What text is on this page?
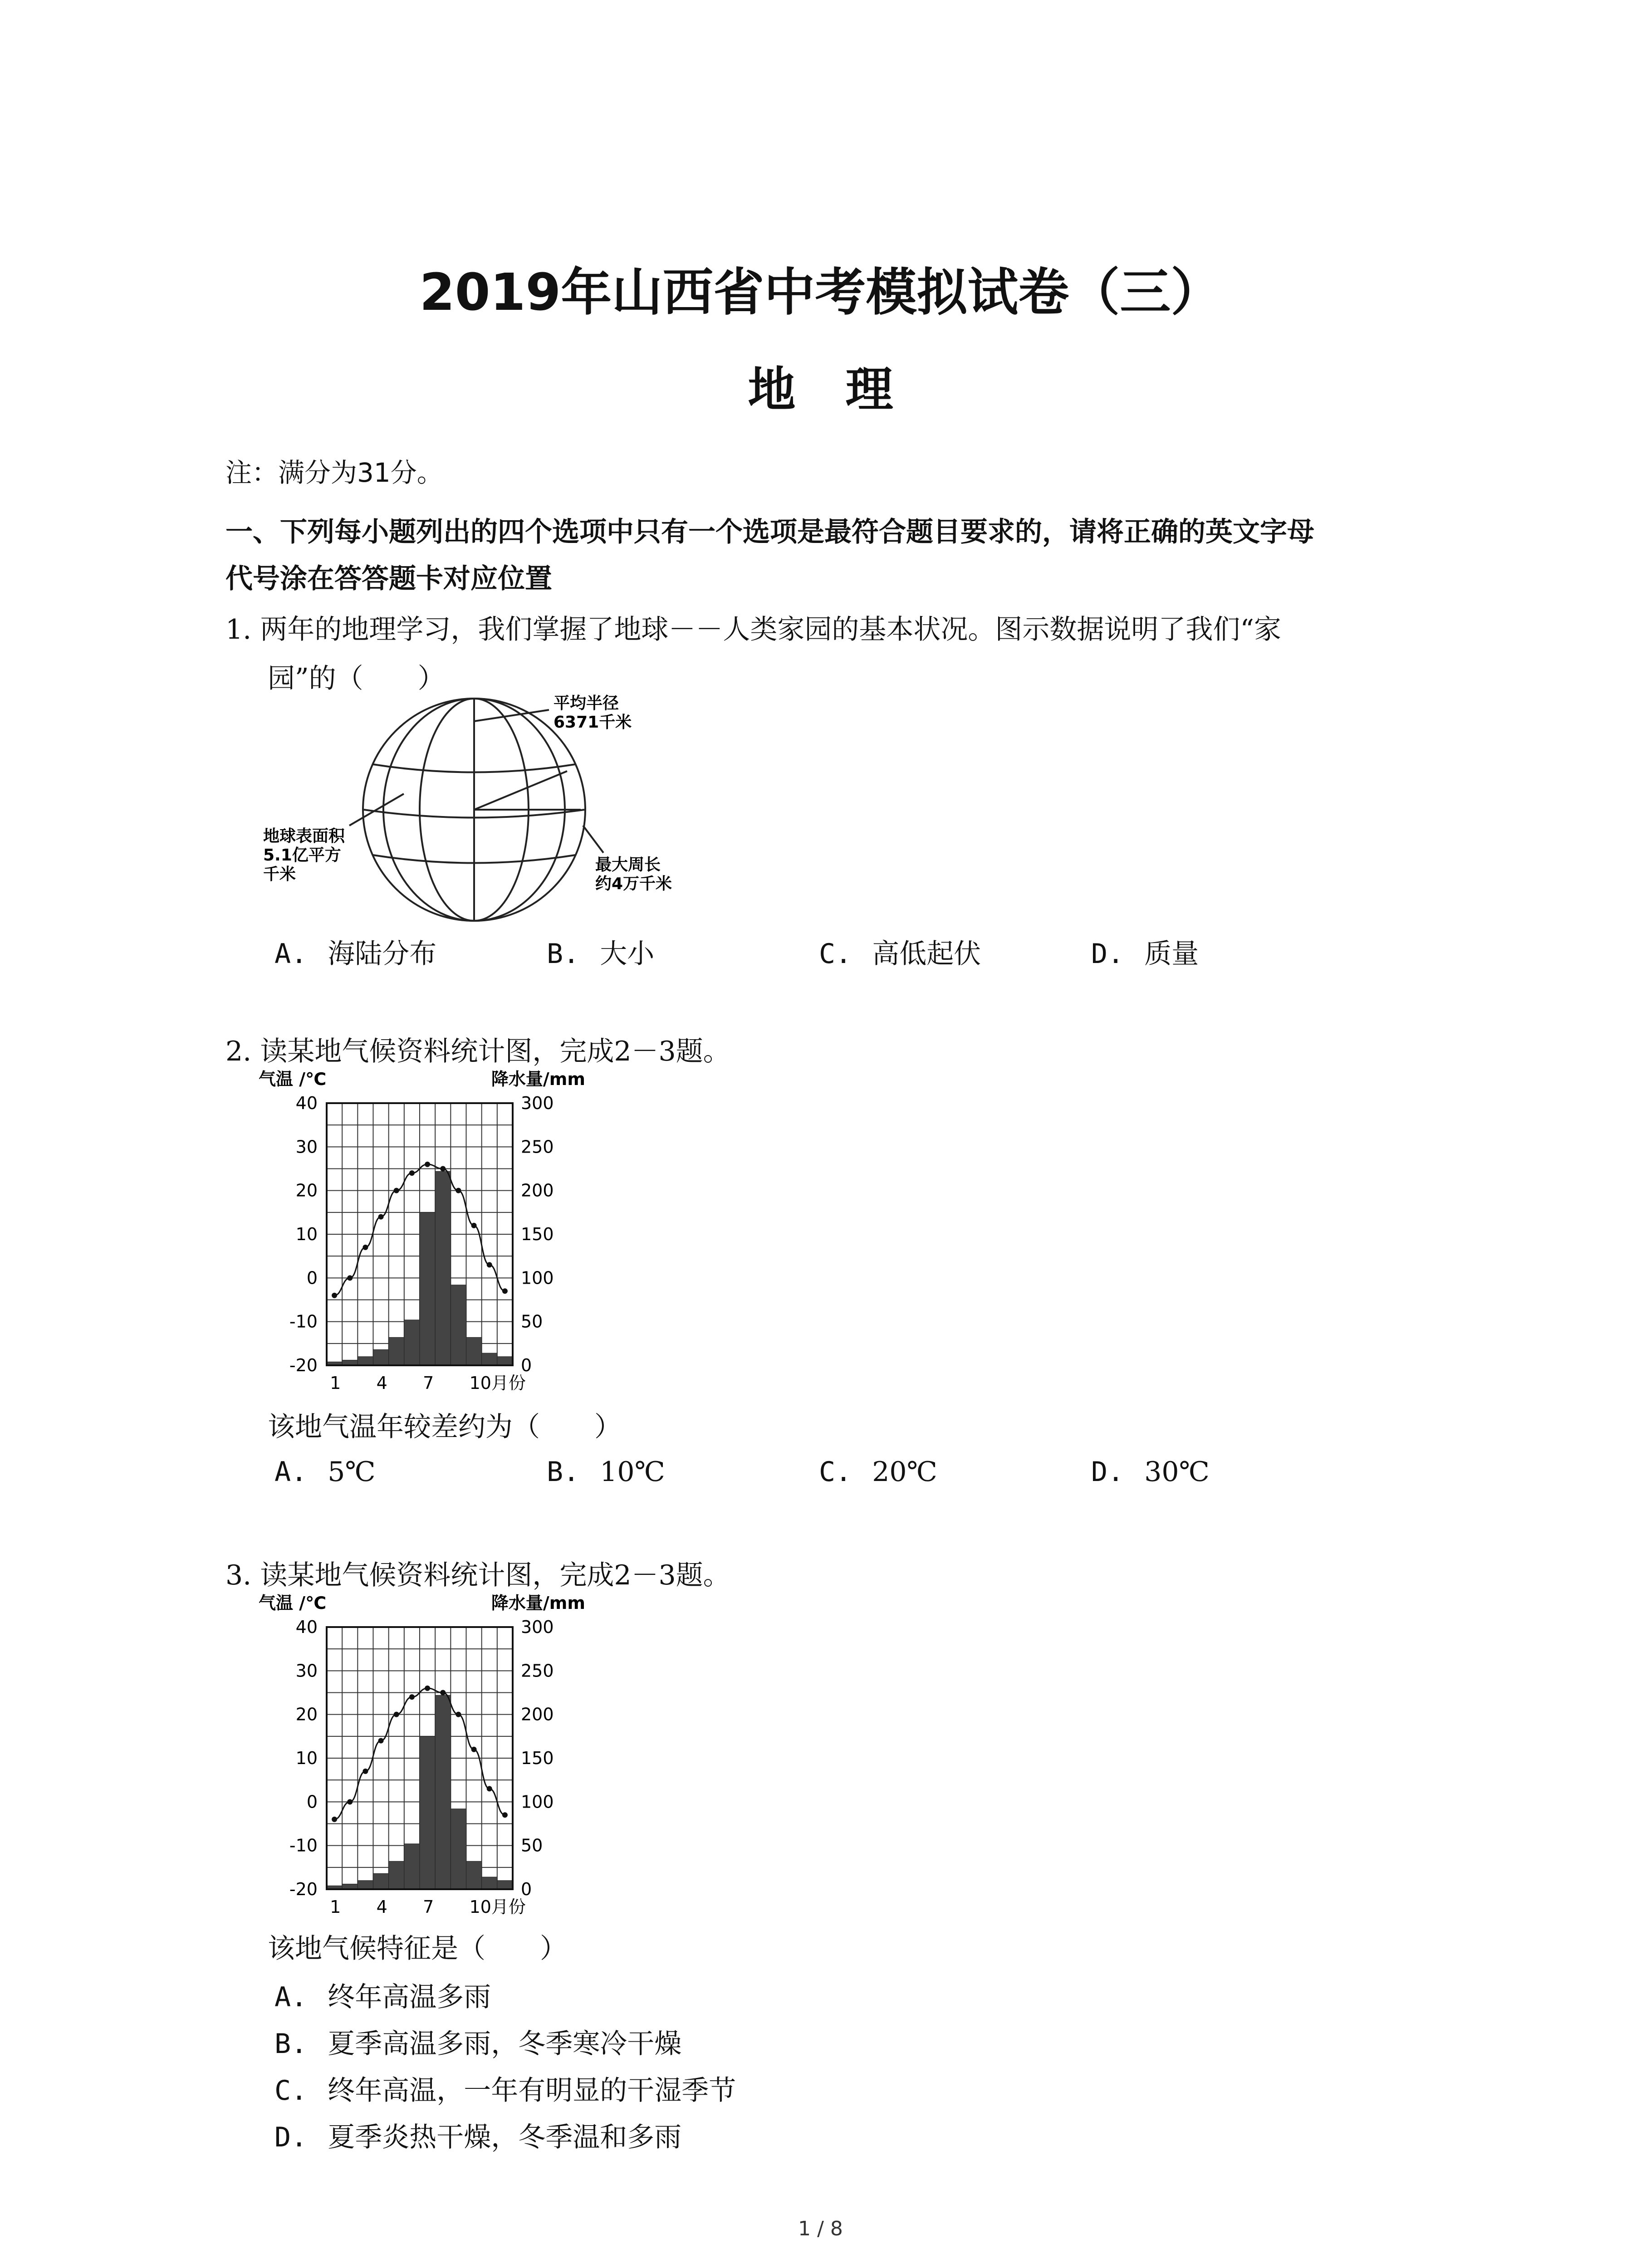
2019年山西省中考模拟试卷（三）
地理
注：满分为31分。
一、下列每小题列出的四个选项中只有一个选项是最符合题目要求的，请将正确的英文字母
代号涂在答答题卡对应位置
1. 两年的地理学习，我们掌握了地球－－人类家园的基本状况。图示数据说明了我们“家
园”的（　　）
平均半径
6371千米
地球表面积
5.1亿平方
千米
最大周长
约4万千米
A. 海陆分布	B. 大小	C. 高低起伏	D. 质量
2. 读某地气候资料统计图，完成2－3题。
气温 /℃	降水量/mm
40
30
20
10
0
-10
-20
300
250
200
150
100
50
0
1 4 7 10月份
该地气温年较差约为（　　）
A. 5℃	B. 10℃	C. 20℃	D. 30℃
3. 读某地气候资料统计图，完成2－3题。
气温 /℃	降水量/mm
40
30
20
10
0
-10
-20
300
250
200
150
100
50
0
1 4 7 10月份
该地气候特征是（　　）
A. 终年高温多雨
B. 夏季高温多雨，冬季寒冷干燥
C. 终年高温，一年有明显的干湿季节
D. 夏季炎热干燥，冬季温和多雨
1 / 8
